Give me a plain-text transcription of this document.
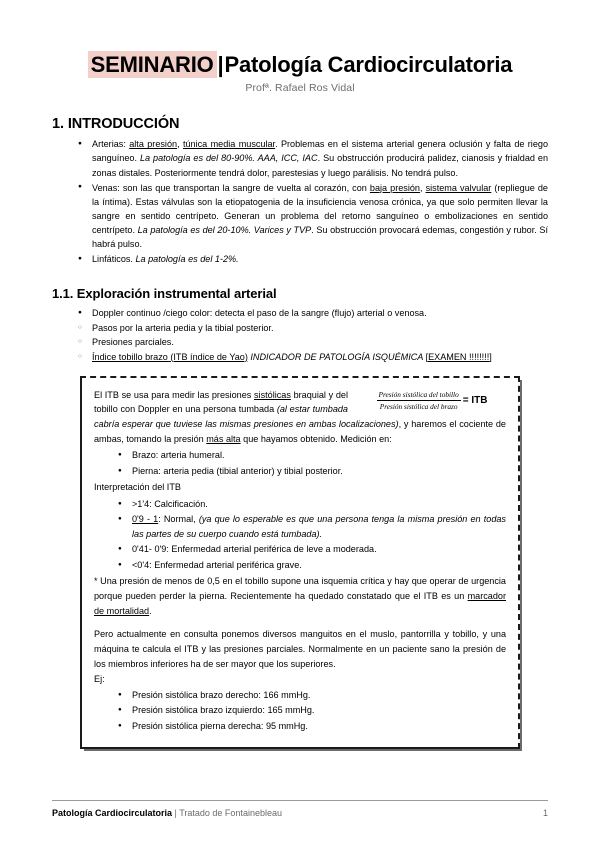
SEMINARIO |Patología Cardiocirculatoria
Profª. Rafael Ros Vidal
1. INTRODUCCIÓN
● Arterias: alta presión, túnica media muscular. Problemas en el sistema arterial genera oclusión y falta de riego sanguíneo. La patología es del 80-90%. AAA, ICC, IAC. Su obstrucción producirá palidez, cianosis y frialdad en zonas distales. Posteriormente tendrá dolor, parestesias y luego parálisis. No tendrá pulso.
● Venas: son las que transportan la sangre de vuelta al corazón, con baja presión, sistema valvular (repliegue de la íntima). Estas válvulas son la etiopatogenia de la insuficiencia venosa crónica, ya que solo permiten llevar la sangre en sentido centrípeto. Generan un problema del retorno sanguíneo o embolizaciones en sentido centrípeto. La patología es del 20-10%. Varices y TVP. Su obstrucción provocará edemas, congestión y rubor. Sí habrá pulso.
● Linfáticos. La patología es del 1-2%.
1.1. Exploración instrumental arterial
● Doppler continuo /ciego color: detecta el paso de la sangre (flujo) arterial o venosa.
○ Pasos por la arteria pedia y la tibial posterior.
○ Presiones parciales.
○ Índice tobillo brazo (ITB índice de Yao) INDICADOR DE PATOLOGÍA ISQUÉMICA [EXAMEN !!!!!!!!]
$\frac{\text{Presión sistólica del tobillo}}{\text{Presión sistólica del brazo}}$ = ITB

El ITB se usa para medir las presiones sistólicas braquial y del tobillo con Doppler en una persona tumbada (al estar tumbada cabría esperar que tuviese las mismas presiones en ambas localizaciones), y haremos el cociente de ambas, tomando la presión más alta que hayamos obtenido. Medición en:

● Brazo: arteria humeral.
● Pierna: arteria pedia (tibial anterior) y tibial posterior.

Interpretación del ITB

● >1'4: Calcificación.
● 0'9 - 1: Normal, (ya que lo esperable es que una persona tenga la misma presión en todas las partes de su cuerpo cuando está tumbada).
● 0'41- 0'9: Enfermedad arterial periférica de leve a moderada.
● <0'4: Enfermedad arterial periférica grave.

* Una presión de menos de 0,5 en el tobillo supone una isquemia crítica y hay que operar de urgencia porque pueden perder la pierna. Recientemente ha quedado constatado que el ITB es un marcador de mortalidad.

Pero actualmente en consulta ponemos diversos manguitos en el muslo, pantorrilla y tobillo, y una máquina te calcula el ITB y las presiones parciales. Normalmente en un paciente sano la presión de los miembros inferiores ha de ser mayor que los superiores.

Ej:

● Presión sistólica brazo derecho: 166 mmHg.
● Presión sistólica brazo izquierdo: 165 mmHg.
● Presión sistólica pierna derecha: 95 mmHg.
Patología Cardiocirculatoria | Tratado de Fontainebleau	1
